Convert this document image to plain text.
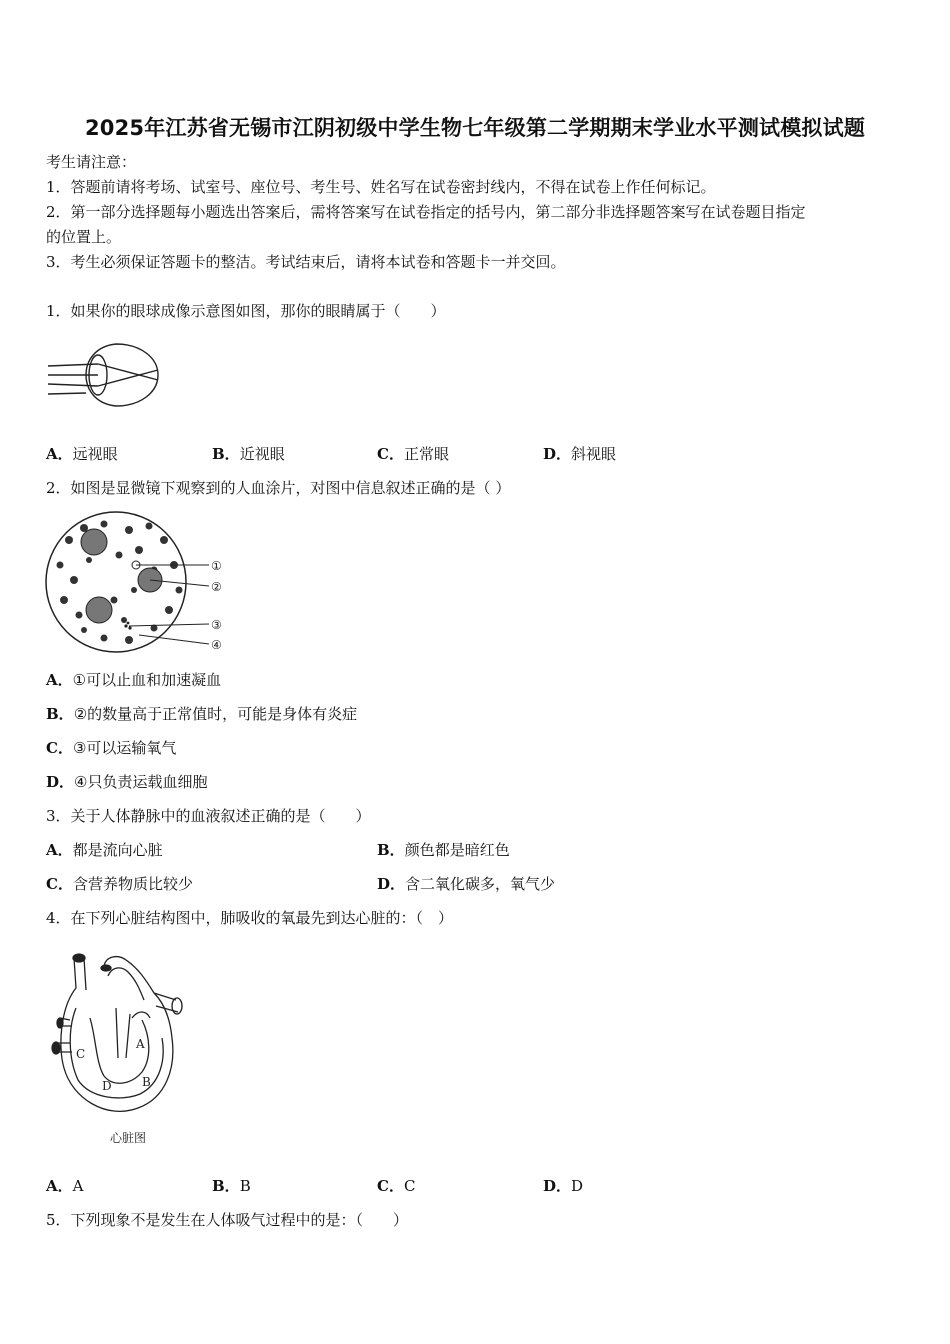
2025年江苏省无锡市江阴初级中学生物七年级第二学期期末学业水平测试模拟试题
考生请注意：
1．答题前请将考场、试室号、座位号、考生号、姓名写在试卷密封线内，不得在试卷上作任何标记。
2．第一部分选择题每小题选出答案后，需将答案写在试卷指定的括号内，第二部分非选择题答案写在试卷题目指定
的位置上。
3．考生必须保证答题卡的整洁。考试结束后，请将本试卷和答题卡一并交回。
1．如果你的眼球成像示意图如图，那你的眼睛属于（　　）
A．远视眼	B．近视眼	C．正常眼	D．斜视眼
2．如图是显微镜下观察到的人血涂片，对图中信息叙述正确的是（ ）
①
②
③
④
A．①可以止血和加速凝血
B．②的数量高于正常值时，可能是身体有炎症
C．③可以运输氧气
D．④只负责运载血细胞
3．关于人体静脉中的血液叙述正确的是（　　）
A．都是流向心脏	B．颜色都是暗红色
C．含营养物质比较少	D．含二氧化碳多，氧气少
4．在下列心脏结构图中，肺吸收的氧最先到达心脏的：（　）
A
B
C
D
心脏图
A．A	B．B	C．C	D．D
5．下列现象不是发生在人体吸气过程中的是：（　　）
